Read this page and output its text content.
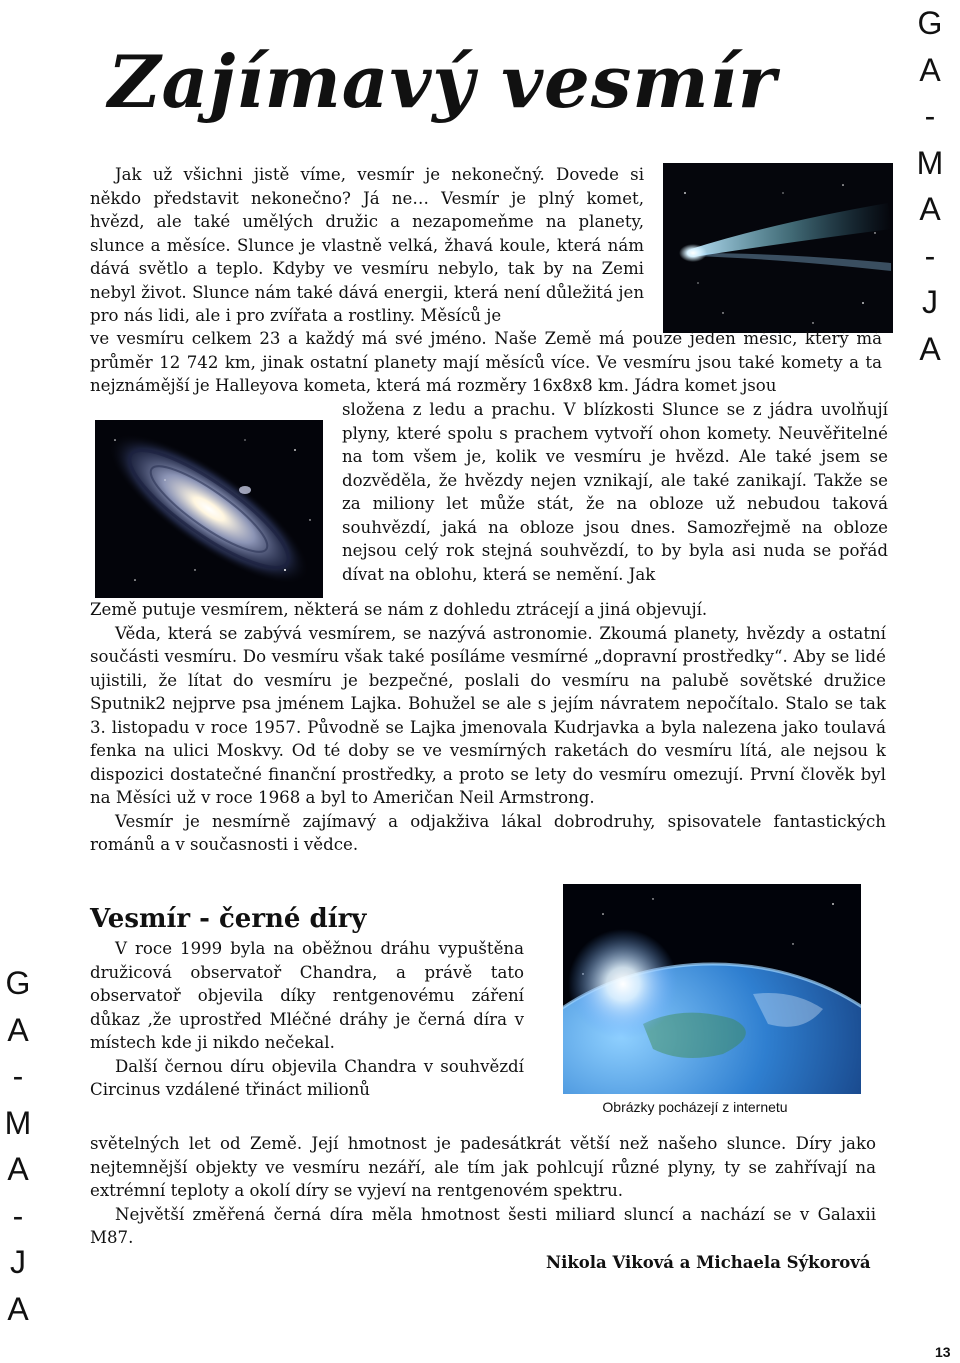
Zajímavý vesmír
G
A
-
M
A
-
J
A
G
A
-
M
A
-
J
A

Jak už všichni jistě víme, vesmír je nekonečný. Dovede si někdo představit nekonečno? Já ne… Vesmír je plný komet, hvězd, ale také umělých družic a nezapomeňme na planety, slunce a měsíce. Slunce je vlastně velká, žhavá koule, která nám dává světlo a teplo. Kdyby ve vesmíru nebylo, tak by na Zemi nebyl život. Slunce nám také dává energii, která není důležitá jen pro nás lidi, ale i pro zvířata a rostliny. Měsíců je

ve vesmíru celkem 23 a každý má své jméno. Naše Země má pouze jeden měsíc, který má průměr 12 742 km, jinak ostatní planety mají měsíců více. Ve vesmíru jsou také komety a ta nejznámější je Halleyova kometa, která má rozměry 16x8x8 km. Jádra komet jsou

složena z ledu a prachu. V blízkosti Slunce se z jádra uvolňují plyny, které spolu s prachem vytvoří ohon komety. Neuvěřitelné na tom všem je, kolik ve vesmíru je hvězd. Ale také jsem se dozvěděla, že hvězdy nejen vznikají, ale také zanikají. Takže se za miliony let může stát, že na obloze už nebudou taková souhvězdí, jaká na obloze jsou dnes. Samozřejmě na obloze nejsou celý rok stejná souhvězdí, to by byla asi nuda se pořád dívat na oblohu, která se nemění. Jak

Země putuje vesmírem, některá se nám z dohledu ztrácejí a jiná objevují.

Věda, která se zabývá vesmírem, se nazývá astronomie. Zkoumá planety, hvězdy a ostatní součásti vesmíru. Do vesmíru však také posíláme vesmírné „dopravní prostředky“. Aby se lidé ujistili, že lítat do vesmíru je bezpečné, poslali do vesmíru na palubě sovětské družice Sputnik2 nejprve psa jménem Lajka. Bohužel se ale s jejím návratem nepočítalo. Stalo se tak 3. listopadu v roce 1957. Původně se Lajka jmenovala Kudrjavka a byla nalezena jako toulavá fenka na ulici Moskvy. Od té doby se ve vesmírných raketách do vesmíru lítá, ale nejsou k dispozici dostatečné finanční prostředky, a proto se lety do vesmíru omezují. První člověk byl na Měsíci už v roce 1968 a byl to Američan Neil Armstrong.

Vesmír je nesmírně zajímavý a odjakživa lákal dobrodruhy, spisovatele fantastických románů a v současnosti i vědce.

Vesmír - černé díry

V roce 1999 byla na oběžnou dráhu vypuštěna družicová observatoř Chandra, a právě tato observatoř objevila díky rentgenovému záření důkaz ,že uprostřed Mléčné dráhy je černá díra v místech kde ji nikdo nečekal.

Další černou díru objevila Chandra v souhvězdí Circinus vzdálené třináct milionů

Obrázky pocházejí z internetu

světelných let od Země. Její hmotnost je padesátkrát větší než našeho slunce. Díry jako nejtemnější objekty ve vesmíru nezáří, ale tím jak pohlcují různé plyny, ty se zahřívají na extrémní teploty a okolí díry se vyjeví na rentgenovém spektru.

Největší změřená černá díra měla hmotnost šesti miliard sluncí a nachází se v Galaxii M87.

Nikola Viková a Michaela Sýkorová
13
